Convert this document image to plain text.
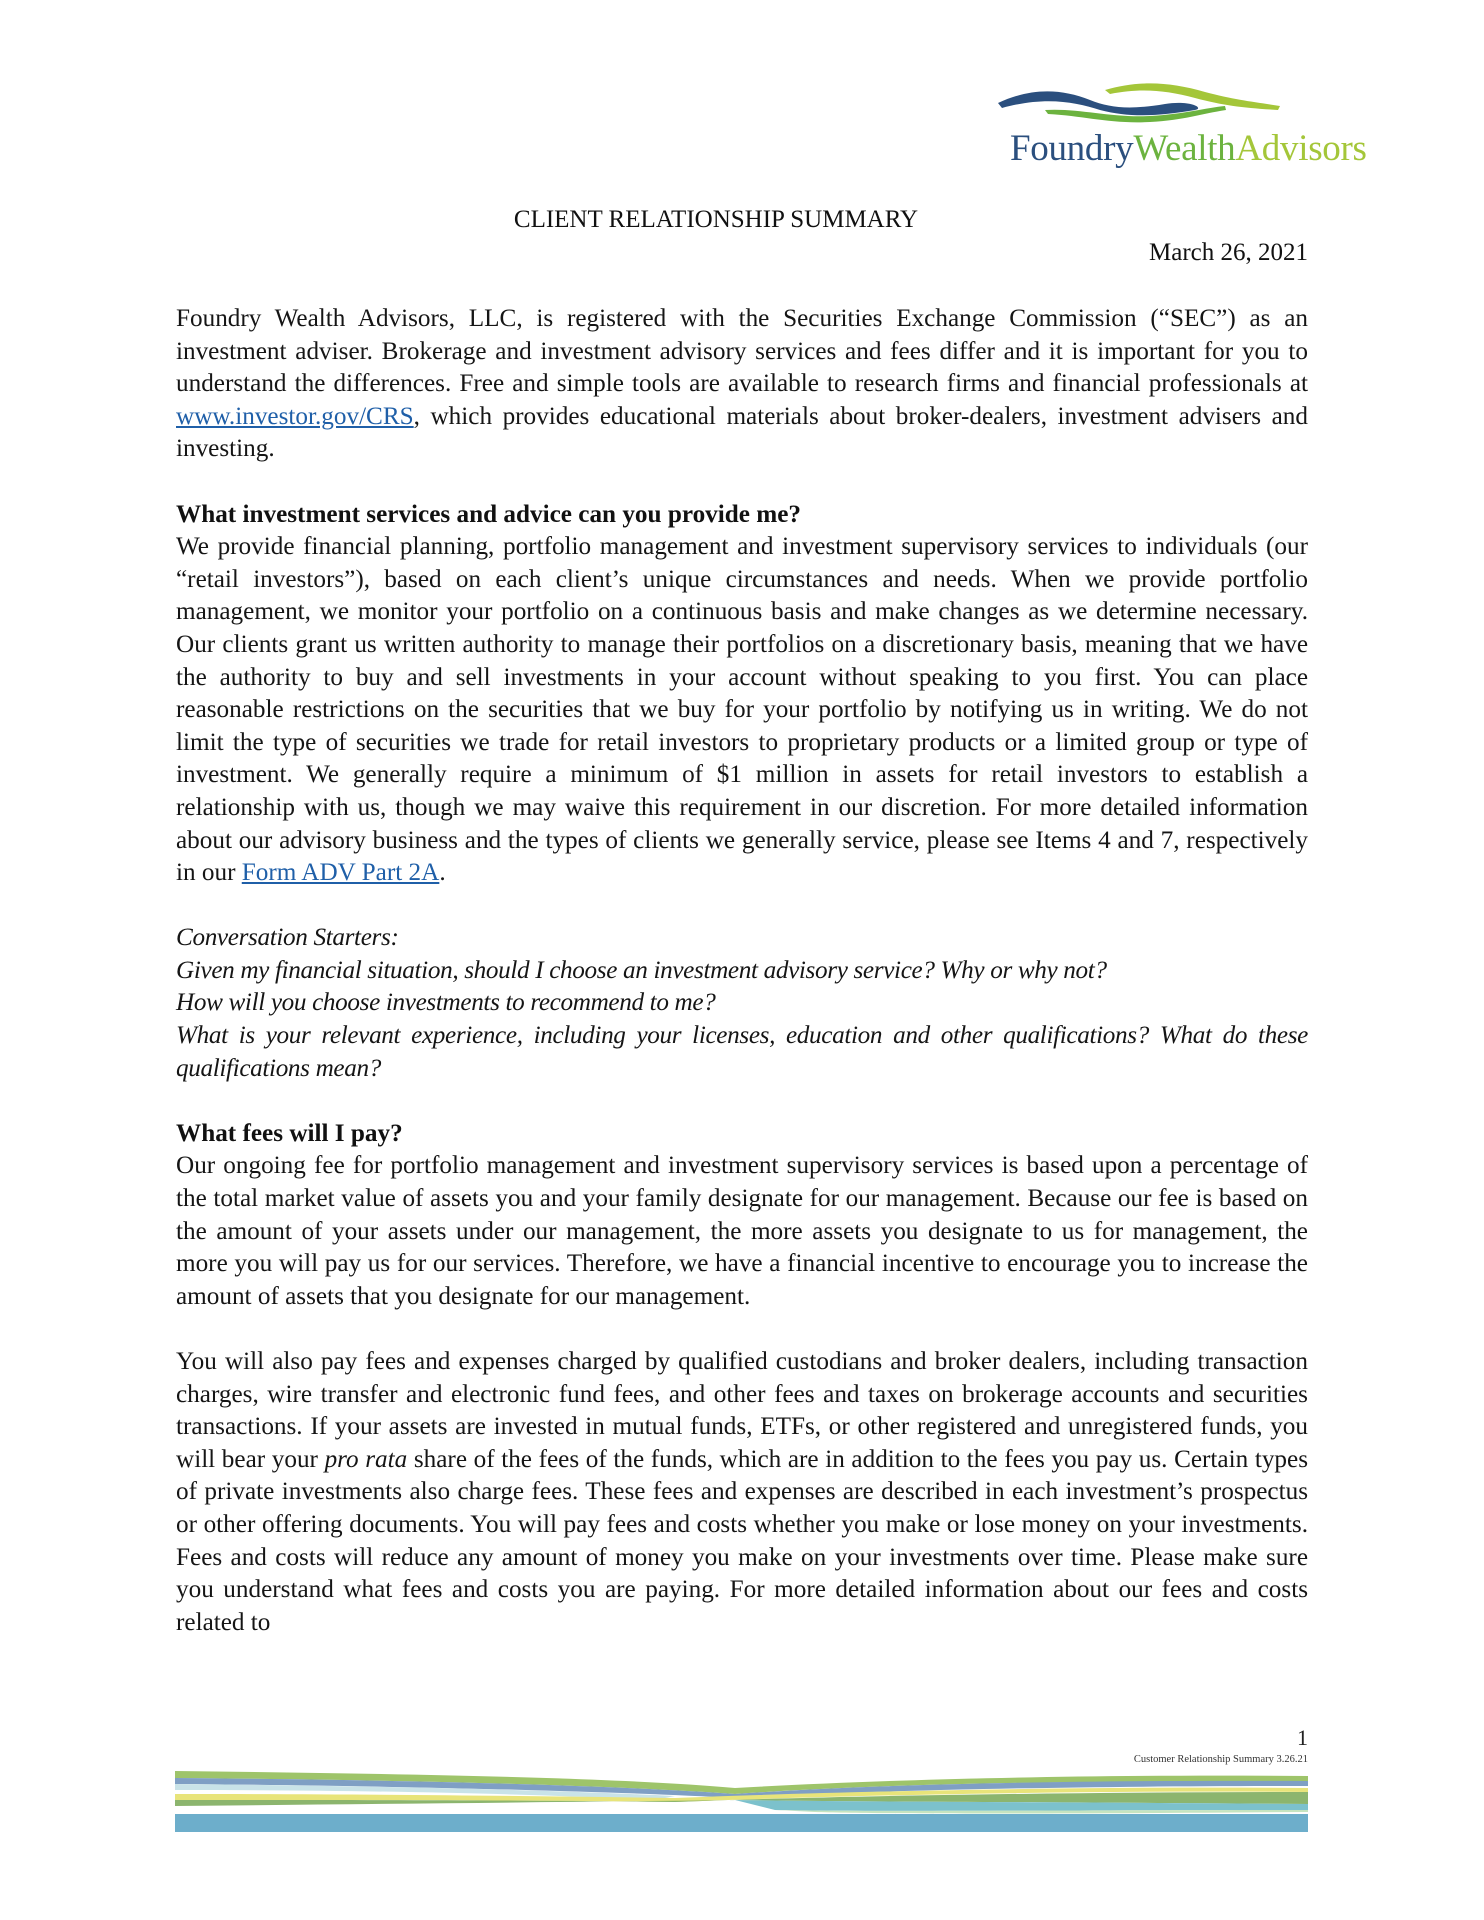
FoundryWealthAdvisors
CLIENT RELATIONSHIP SUMMARY
March 26, 2021

Foundry Wealth Advisors, LLC, is registered with the Securities Exchange Commission (“SEC”) as an investment adviser. Brokerage and investment advisory services and fees differ and it is important for you to understand the differences. Free and simple tools are available to research firms and financial professionals at www.investor.gov/CRS, which provides educational materials about broker-dealers, investment advisers and investing.

What investment services and advice can you provide me?

We provide financial planning, portfolio management and investment supervisory services to individuals (our “retail investors”), based on each client’s unique circumstances and needs. When we provide portfolio management, we monitor your portfolio on a continuous basis and make changes as we determine necessary. Our clients grant us written authority to manage their portfolios on a discretionary basis, meaning that we have the authority to buy and sell investments in your account without speaking to you first. You can place reasonable restrictions on the securities that we buy for your portfolio by notifying us in writing. We do not limit the type of securities we trade for retail investors to proprietary products or a limited group or type of investment. We generally require a minimum of $1 million in assets for retail investors to establish a relationship with us, though we may waive this requirement in our discretion. For more detailed information about our advisory business and the types of clients we generally service, please see Items 4 and 7, respectively in our Form ADV Part 2A.

Conversation Starters:

Given my financial situation, should I choose an investment advisory service? Why or why not?

How will you choose investments to recommend to me?

What is your relevant experience, including your licenses, education and other qualifications? What do these qualifications mean?

What fees will I pay?

Our ongoing fee for portfolio management and investment supervisory services is based upon a percentage of the total market value of assets you and your family designate for our management. Because our fee is based on the amount of your assets under our management, the more assets you designate to us for management, the more you will pay us for our services. Therefore, we have a financial incentive to encourage you to increase the amount of assets that you designate for our management.

You will also pay fees and expenses charged by qualified custodians and broker dealers, including transaction charges, wire transfer and electronic fund fees, and other fees and taxes on brokerage accounts and securities transactions. If your assets are invested in mutual funds, ETFs, or other registered and unregistered funds, you will bear your pro rata share of the fees of the funds, which are in addition to the fees you pay us. Certain types of private investments also charge fees. These fees and expenses are described in each investment’s prospectus or other offering documents. You will pay fees and costs whether you make or lose money on your investments. Fees and costs will reduce any amount of money you make on your investments over time. Please make sure you understand what fees and costs you are paying. For more detailed information about our fees and costs related to

1
Customer Relationship Summary 3.26.21
